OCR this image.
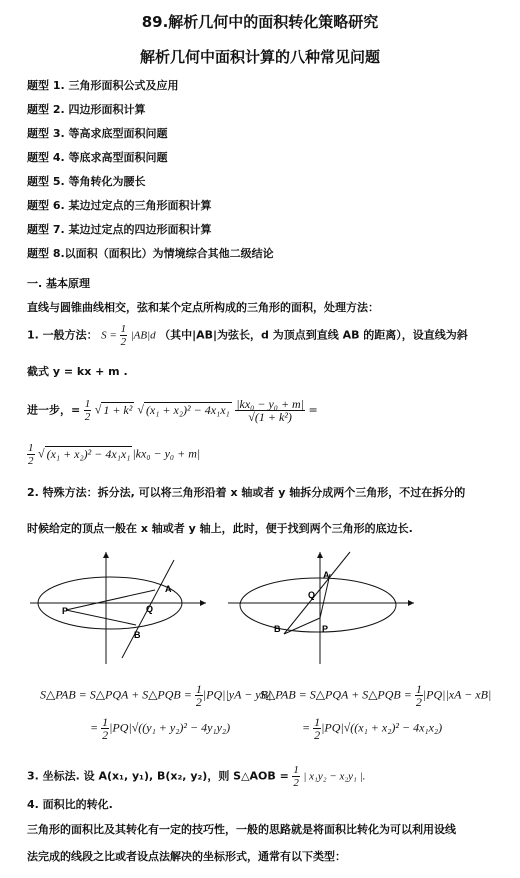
89.解析几何中的面积转化策略研究
解析几何中面积计算的八种常见问题
题型 1. 三角形面积公式及应用
题型 2. 四边形面积计算
题型 3. 等高求底型面积问题
题型 4. 等底求高型面积问题
题型 5. 等角转化为腰长
题型 6. 某边过定点的三角形面积计算
题型 7. 某边过定点的四边形面积计算
题型 8.以面积（面积比）为情境综合其他二级结论
一. 基本原理
直线与圆锥曲线相交，弦和某个定点所构成的三角形的面积，处理方法：
1. 一般方法： $S = \frac{1}{2} |AB|d$ （其中|AB|为弦长，d 为顶点到直线 AB 的距离），设直线为斜
截式 y = kx + m .
进一步，= $\frac{1}{2}$ √ 1 + k² √ $(x_1 + x_2)^2 - 4x_1x_1 \frac{\text{|kx₀ − y₀ + m|}}{\text{√(1 + k²)}}$ =
$\frac{1}{2}$ √ (x₁ + x₂)² − 4x₁x₁ |kx₀ − y₀ + m|
2. 特殊方法：拆分法, 可以将三角形沿着 x 轴或者 y 轴拆分成两个三角形，不过在拆分的
时候给定的顶点一般在 x 轴或者 y 轴上，此时，便于找到两个三角形的底边长.
P	Q
A
B
A
Q
B	P
S△PAB = S△PQA + S△PQB = $\frac{1}{2} |PQ||yA - yB|$
S△PAB = S△PQA + S△PQB = $\frac{1}{2} |PQ||xA - xB|$
= $\frac{1}{2} |PQ|√((y_1 + y_2)^2 - 4y_1y_2)$	= $\frac{1}{2} |PQ|√((x_1 + x_2)^2 - 4x_1x_2)$
3. 坐标法. 设 A(x₁, y₁), B(x₂, y₂)，则 S△AOB = $\frac{1}{2}$ | x₁y₂ − x₂y₁ |.
4. 面积比的转化.
三角形的面积比及其转化有一定的技巧性，一般的思路就是将面积比转化为可以利用设线
法完成的线段之比或者设点法解决的坐标形式，通常有以下类型：
